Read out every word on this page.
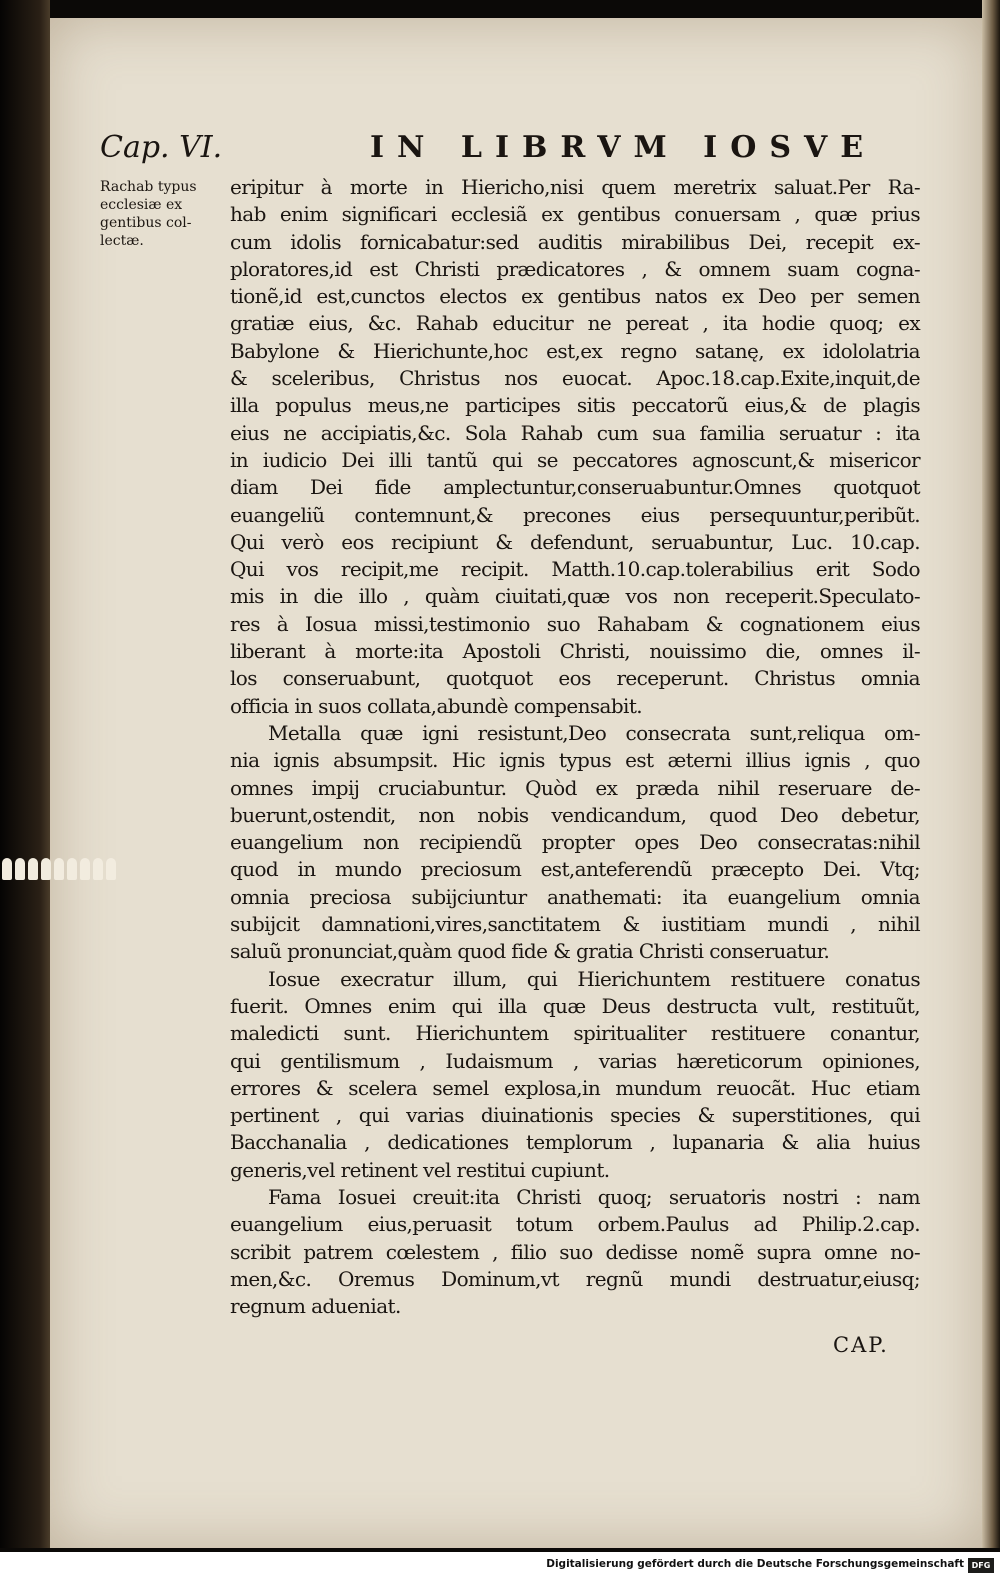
Cap. VI.	IN LIBRVM IOSVE
Rachab typus
ecclesiæ ex
gentibus col-
lectæ.
eripitur à morte in Hiericho,nisi quem meretrix saluat.Per Ra-
hab enim significari ecclesiã ex gentibus conuersam , quæ prius
cum idolis fornicabatur:sed auditis mirabilibus Dei, recepit ex-
ploratores,id est Christi prædicatores , & omnem suam cogna-
tionẽ,id est,cunctos electos ex gentibus natos ex Deo per semen
gratiæ eius, &c. Rahab educitur ne pereat , ita hodie quoq; ex
Babylone & Hierichunte,hoc est,ex regno satanę, ex idololatria
& sceleribus, Christus nos euocat. Apoc.18.cap.Exite,inquit,de
illa populus meus,ne participes sitis peccatorũ eius,& de plagis
eius ne accipiatis,&c. Sola Rahab cum sua familia seruatur : ita
in iudicio Dei illi tantũ qui se peccatores agnoscunt,& misericor
diam Dei fide amplectuntur,conseruabuntur.Omnes quotquot
euangeliũ contemnunt,& precones eius persequuntur,peribũt.
Qui verò eos recipiunt & defendunt, seruabuntur, Luc. 10.cap.
Qui vos recipit,me recipit. Matth.10.cap.tolerabilius erit Sodo
mis in die illo , quàm ciuitati,quæ vos non receperit.Speculato-
res à Iosua missi,testimonio suo Rahabam & cognationem eius
liberant à morte:ita Apostoli Christi, nouissimo die, omnes il-
los conseruabunt, quotquot eos receperunt. Christus omnia
officia in suos collata,abundè compensabit.
Metalla quæ igni resistunt,Deo consecrata sunt,reliqua om-
nia ignis absumpsit. Hic ignis typus est æterni illius ignis , quo
omnes impij cruciabuntur. Quòd ex præda nihil reseruare de-
buerunt,ostendit, non nobis vendicandum, quod Deo debetur,
euangelium non recipiendũ propter opes Deo consecratas:nihil
quod in mundo preciosum est,anteferendũ præcepto Dei. Vtq;
omnia preciosa subijciuntur anathemati: ita euangelium omnia
subijcit damnationi,vires,sanctitatem & iustitiam mundi , nihil
saluũ pronunciat,quàm quod fide & gratia Christi conseruatur.
Iosue execratur illum, qui Hierichuntem restituere conatus
fuerit. Omnes enim qui illa quæ Deus destructa vult, restituũt,
maledicti sunt. Hierichuntem spiritualiter restituere conantur,
qui gentilismum , Iudaismum , varias hæreticorum opiniones,
errores & scelera semel explosa,in mundum reuocãt. Huc etiam
pertinent , qui varias diuinationis species & superstitiones, qui
Bacchanalia , dedicationes templorum , lupanaria & alia huius
generis,vel retinent vel restitui cupiunt.
Fama Iosuei creuit:ita Christi quoq; seruatoris nostri : nam
euangelium eius,peruasit totum orbem.Paulus ad Philip.2.cap.
scribit patrem cœlestem , filio suo dedisse nomẽ supra omne no-
men,&c. Oremus Dominum,vt regnũ mundi destruatur,eiusq;
regnum adueniat.
CAP.
Digitalisierung gefördert durch die Deutsche Forschungsgemeinschaft DFG
